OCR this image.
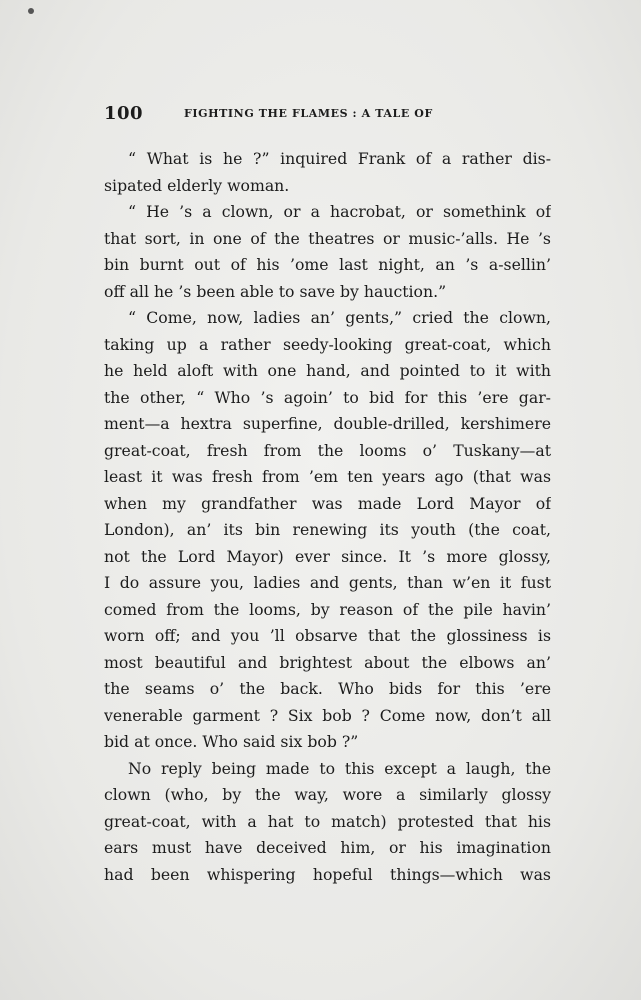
100	FIGHTING THE FLAMES : A TALE OF
“ What is he ?” inquired Frank of a rather dis-
sipated elderly woman.
“ He ’s a clown, or a hacrobat, or somethink of
that sort, in one of the theatres or music-’alls. He ’s
bin burnt out of his ’ome last night, an ’s a-sellin’
off all he ’s been able to save by hauction.”
“ Come, now, ladies an’ gents,” cried the clown,
taking up a rather seedy-looking great-coat, which
he held aloft with one hand, and pointed to it with
the other, “ Who ’s agoin’ to bid for this ’ere gar-
ment—a hextra superfine, double-drilled, kershimere
great-coat, fresh from the looms o’ Tuskany—at
least it was fresh from ’em ten years ago (that was
when my grandfather was made Lord Mayor of
London), an’ its bin renewing its youth (the coat,
not the Lord Mayor) ever since. It ’s more glossy,
I do assure you, ladies and gents, than w’en it fust
comed from the looms, by reason of the pile havin’
worn off; and you ’ll obsarve that the glossiness is
most beautiful and brightest about the elbows an’
the seams o’ the back. Who bids for this ’ere
venerable garment ? Six bob ? Come now, don’t all
bid at once. Who said six bob ?”
No reply being made to this except a laugh, the
clown (who, by the way, wore a similarly glossy
great-coat, with a hat to match) protested that his
ears must have deceived him, or his imagination
had been whispering hopeful things—which was
